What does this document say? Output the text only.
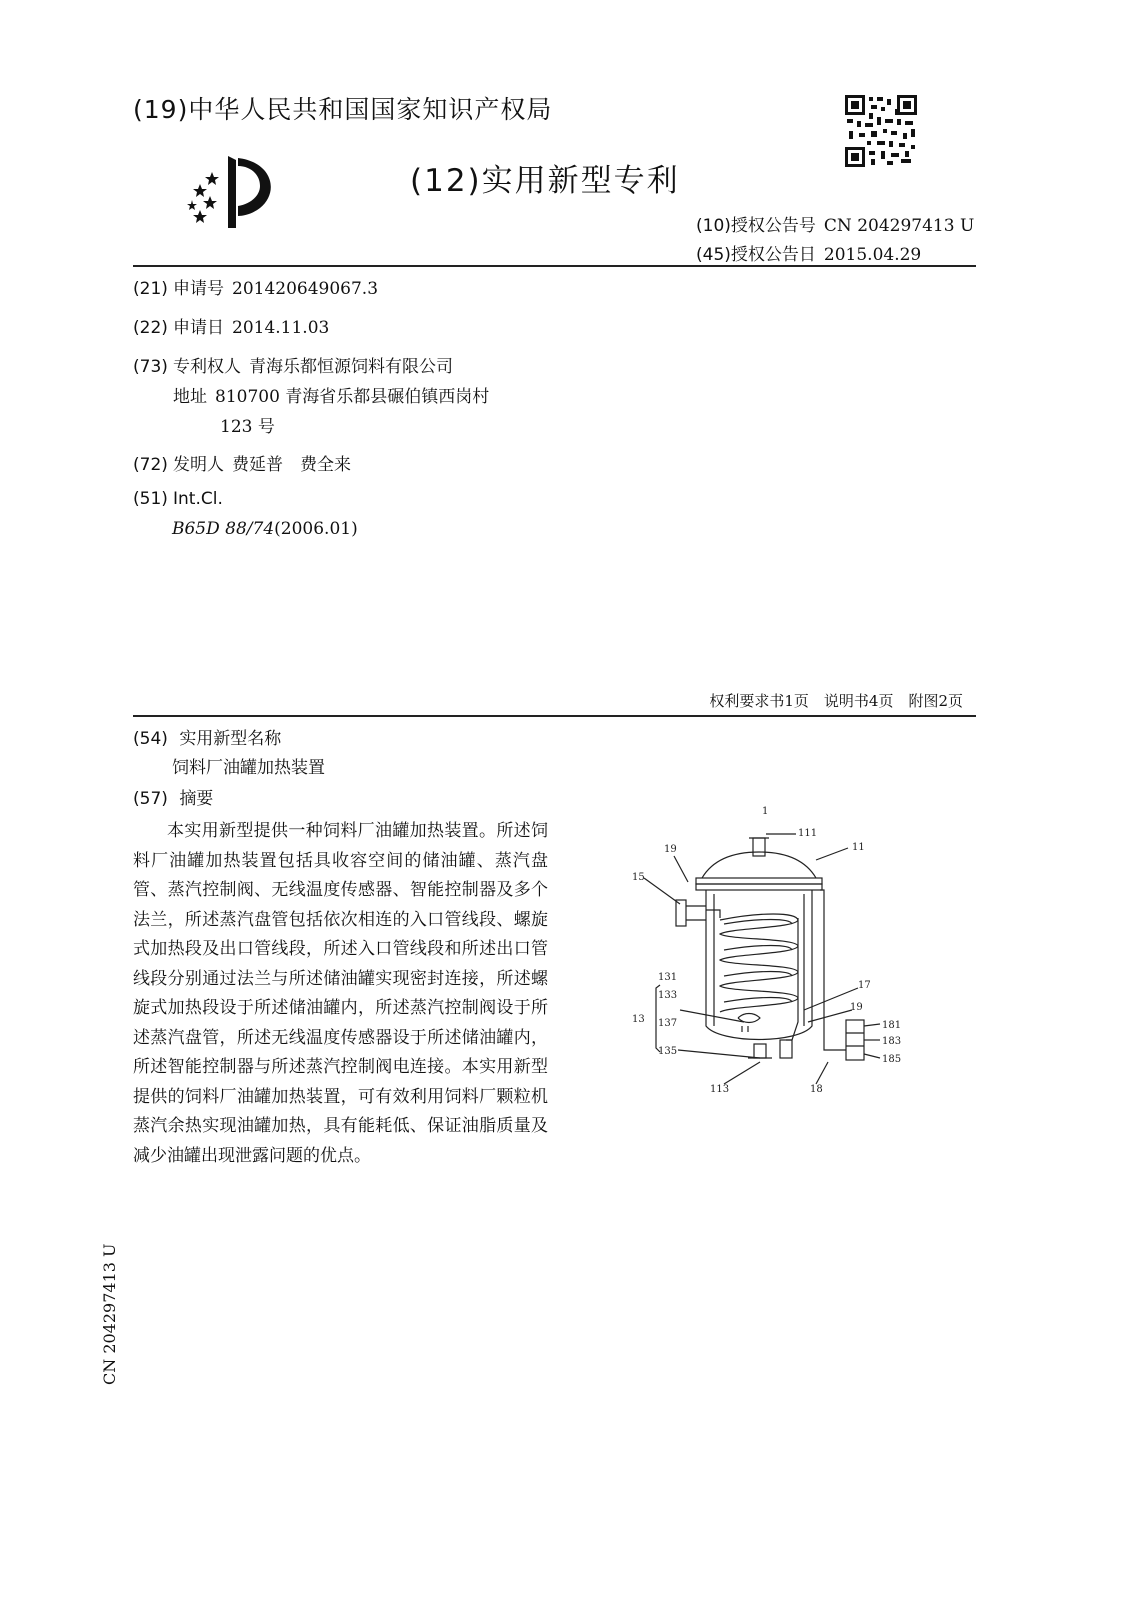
(19)中华人民共和国国家知识产权局
(12)实用新型专利
(10)授权公告号 CN 204297413 U
(45)授权公告日 2015.04.29
(21) 申请号 201420649067.3
(22) 申请日 2014.11.03
(73) 专利权人 青海乐都恒源饲料有限公司
地址 810700 青海省乐都县碾伯镇西岗村
123 号
(72) 发明人 费延普　费全来
(51) Int.Cl.
B65D 88/74(2006.01)
权利要求书1页　说明书4页　附图2页
(54) 实用新型名称
饲料厂油罐加热装置
(57) 摘要
本实用新型提供一种饲料厂油罐加热装置。所述饲料厂油罐加热装置包括具收容空间的储油罐、蒸汽盘管、蒸汽控制阀、无线温度传感器、智能控制器及多个法兰，所述蒸汽盘管包括依次相连的入口管线段、螺旋式加热段及出口管线段，所述入口管线段和所述出口管线段分别通过法兰与所述储油罐实现密封连接，所述螺旋式加热段设于所述储油罐内，所述蒸汽控制阀设于所述蒸汽盘管，所述无线温度传感器设于所述储油罐内，所述智能控制器与所述蒸汽控制阀电连接。本实用新型提供的饲料厂油罐加热装置，可有效利用饲料厂颗粒机蒸汽余热实现油罐加热，具有能耗低、保证油脂质量及减少油罐出现泄露问题的优点。
1
111
11
19
15
131
133
13 137
135
113
17
19
181
183
185
18
CN 204297413 U
